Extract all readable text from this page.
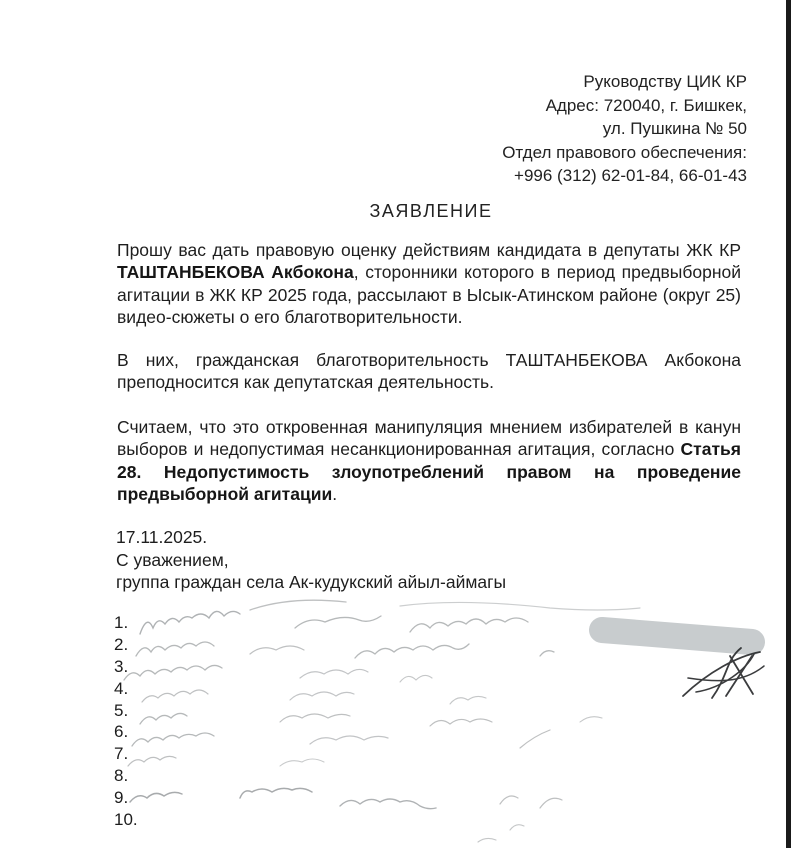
Руководству ЦИК КР
Адрес: 720040, г. Бишкек,
ул. Пушкина № 50
Отдел правового обеспечения:
+996 (312) 62-01-84, 66-01-43
ЗАЯВЛЕНИЕ

Прошу вас дать правовую оценку действиям кандидата в депутаты ЖК КР ТАШТАНБЕКОВА Акбокона, сторонники которого в период предвыборной агитации в ЖК КР 2025 года, рассылают в Ысык-Атинском районе (округ 25) видео-сюжеты о его благотворительности.

В них, гражданская благотворительность ТАШТАНБЕКОВА Акбокона преподносится как депутатская деятельность.

Считаем, что это откровенная манипуляция мнением избирателей в канун выборов и недопустимая несанкционированная агитация, согласно Статья 28. Недопустимость злоупотреблений правом на проведение предвыборной агитации.

17.11.2025.
С уважением,
группа граждан села Ак-кудукский айыл-аймагы
1.
2.
3.
4.
5.
6.
7.
8.
9.
10.
